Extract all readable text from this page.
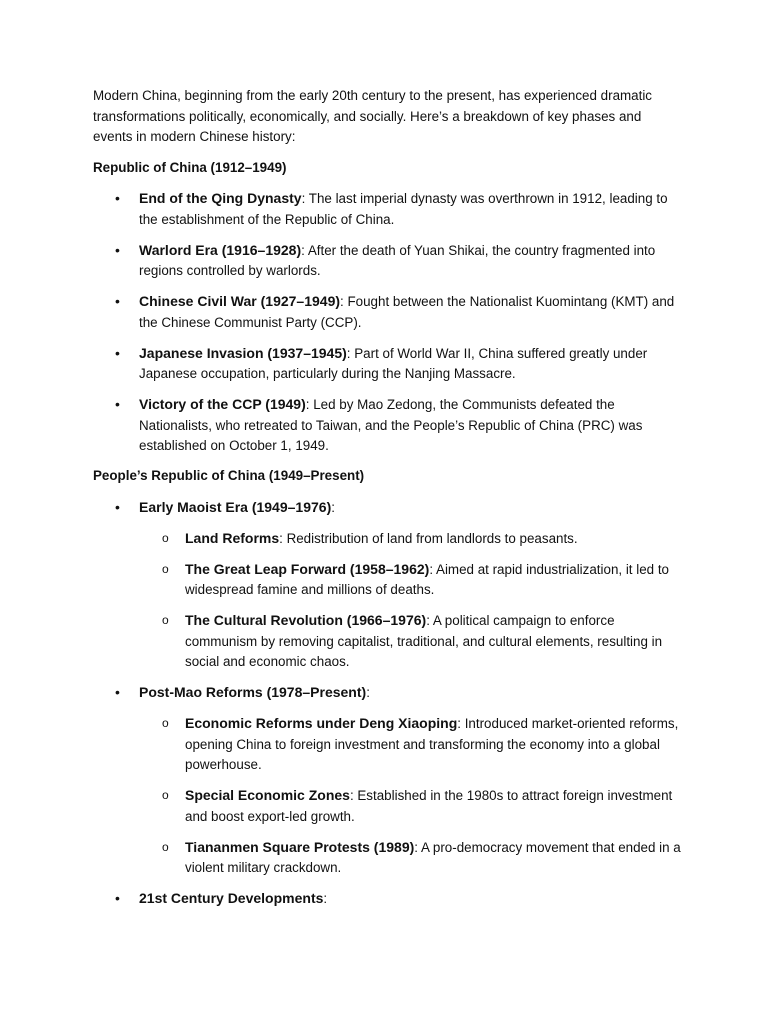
Modern China, beginning from the early 20th century to the present, has experienced dramatic transformations politically, economically, and socially. Here’s a breakdown of key phases and events in modern Chinese history:

Republic of China (1912–1949)
• End of the Qing Dynasty: The last imperial dynasty was overthrown in 1912, leading to the establishment of the Republic of China.
• Warlord Era (1916–1928): After the death of Yuan Shikai, the country fragmented into regions controlled by warlords.
• Chinese Civil War (1927–1949): Fought between the Nationalist Kuomintang (KMT) and the Chinese Communist Party (CCP).
• Japanese Invasion (1937–1945): Part of World War II, China suffered greatly under Japanese occupation, particularly during the Nanjing Massacre.
• Victory of the CCP (1949): Led by Mao Zedong, the Communists defeated the Nationalists, who retreated to Taiwan, and the People’s Republic of China (PRC) was established on October 1, 1949.
People’s Republic of China (1949–Present)
• Early Maoist Era (1949–1976):
o Land Reforms: Redistribution of land from landlords to peasants.
o The Great Leap Forward (1958–1962): Aimed at rapid industrialization, it led to widespread famine and millions of deaths.
o The Cultural Revolution (1966–1976): A political campaign to enforce communism by removing capitalist, traditional, and cultural elements, resulting in social and economic chaos.
• Post-Mao Reforms (1978–Present):
o Economic Reforms under Deng Xiaoping: Introduced market-oriented reforms, opening China to foreign investment and transforming the economy into a global powerhouse.
o Special Economic Zones: Established in the 1980s to attract foreign investment and boost export-led growth.
o Tiananmen Square Protests (1989): A pro-democracy movement that ended in a violent military crackdown.
• 21st Century Developments:
